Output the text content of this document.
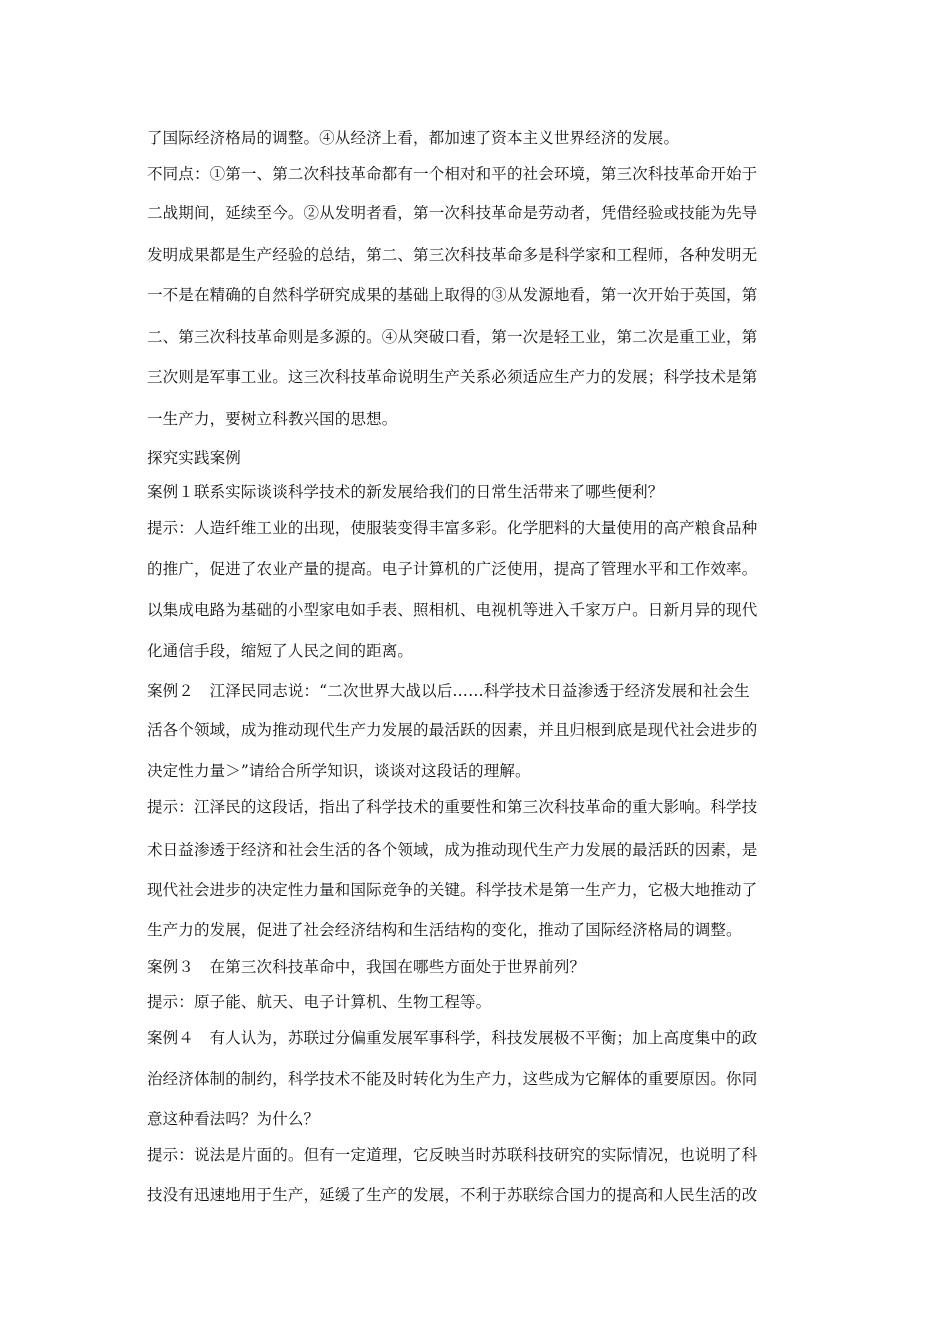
了国际经济格局的调整。④从经济上看，都加速了资本主义世界经济的发展。
不同点：①第一、第二次科技革命都有一个相对和平的社会环境，第三次科技革命开始于
二战期间，延续至今。②从发明者看，第一次科技革命是劳动者，凭借经验或技能为先导
发明成果都是生产经验的总结，第二、第三次科技革命多是科学家和工程师，各种发明无
一不是在精确的自然科学研究成果的基础上取得的③从发源地看，第一次开始于英国，第
二、第三次科技革命则是多源的。④从突破口看，第一次是轻工业，第二次是重工业，第
三次则是军事工业。这三次科技革命说明生产关系必须适应生产力的发展；科学技术是第
一生产力，要树立科教兴国的思想。
探究实践案例
案例１联系实际谈谈科学技术的新发展给我们的日常生活带来了哪些便利？
提示：人造纤维工业的出现，使服装变得丰富多彩。化学肥料的大量使用的高产粮食品种
的推广，促进了农业产量的提高。电子计算机的广泛使用，提高了管理水平和工作效率。
以集成电路为基础的小型家电如手表、照相机、电视机等进入千家万户。日新月异的现代
化通信手段，缩短了人民之间的距离。
案例２　江泽民同志说：“二次世界大战以后……科学技术日益渗透于经济发展和社会生
活各个领域，成为推动现代生产力发展的最活跃的因素，并且归根到底是现代社会进步的
决定性力量＞”请给合所学知识，谈谈对这段话的理解。
提示：江泽民的这段话，指出了科学技术的重要性和第三次科技革命的重大影响。科学技
术日益渗透于经济和社会生活的各个领域，成为推动现代生产力发展的最活跃的因素，是
现代社会进步的决定性力量和国际竞争的关键。科学技术是第一生产力，它极大地推动了
生产力的发展，促进了社会经济结构和生活结构的变化，推动了国际经济格局的调整。
案例３　在第三次科技革命中，我国在哪些方面处于世界前列？
提示：原子能、航天、电子计算机、生物工程等。
案例４　有人认为，苏联过分偏重发展军事科学，科技发展极不平衡；加上高度集中的政
治经济体制的制约，科学技术不能及时转化为生产力，这些成为它解体的重要原因。你同
意这种看法吗？为什么？
提示：说法是片面的。但有一定道理，它反映当时苏联科技研究的实际情况，也说明了科
技没有迅速地用于生产，延缓了生产的发展，不利于苏联综合国力的提高和人民生活的改
